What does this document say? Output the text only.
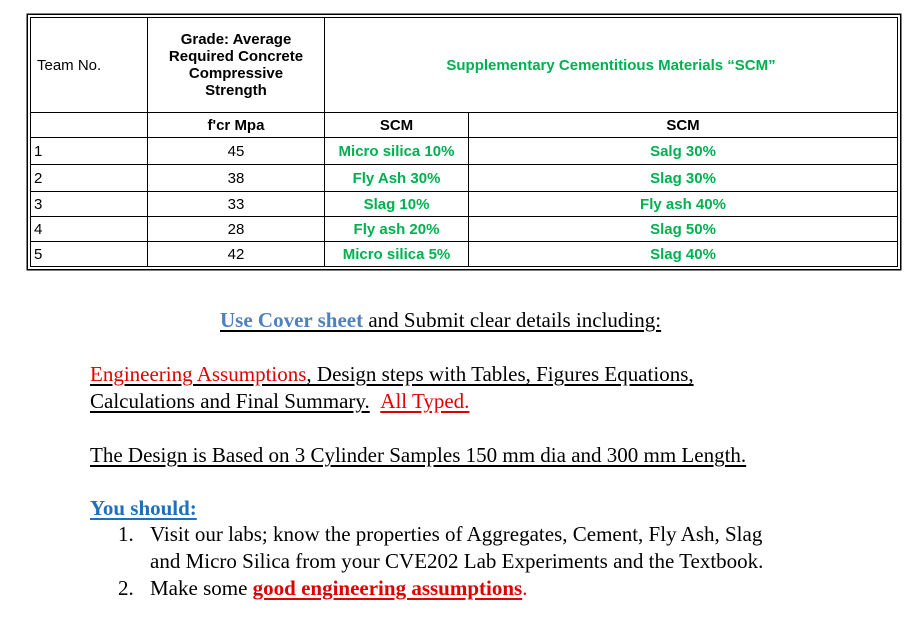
Team No.	Grade: Average
Required Concrete
Compressive
Strength	Supplementary Cementitious Materials “SCM”	
	f'cr Mpa	SCM	SCM
1	45	Micro silica 10%	Salg 30%
2	38	Fly Ash 30%	Slag 30%
3	33	Slag 10%	Fly ash 40%
4	28	Fly ash 20%	Slag 50%
5	42	Micro silica 5%	Slag 40%
Use Cover sheet and Submit clear details including:
Engineering Assumptions, Design steps with Tables, Figures Equations,
Calculations and Final Summary. All Typed.
The Design is Based on 3 Cylinder Samples 150 mm dia and 300 mm Length.
You should:
1. Visit our labs; know the properties of Aggregates, Cement, Fly Ash, Slag
and Micro Silica from your CVE202 Lab Experiments and the Textbook.
2. Make some good engineering assumptions.
